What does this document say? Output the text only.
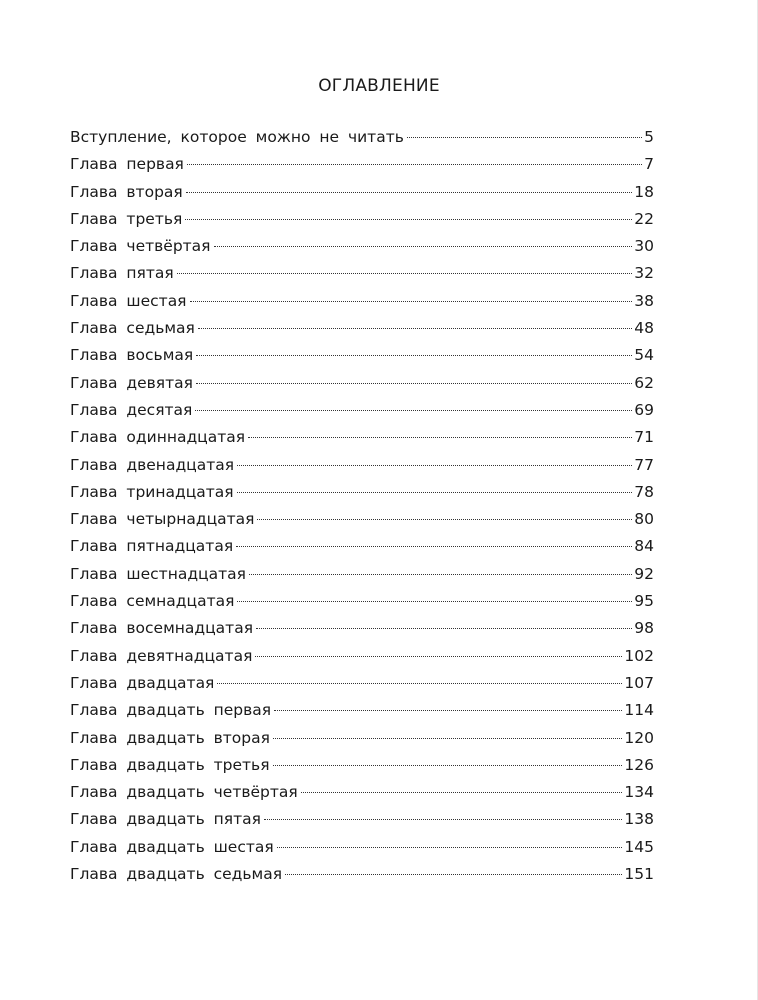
ОГЛАВЛЕНИЕ
Вступление, которое можно не читать	5
Глава первая	7
Глава вторая	18
Глава третья	22
Глава четвёртая	30
Глава пятая	32
Глава шестая	38
Глава седьмая	48
Глава восьмая	54
Глава девятая	62
Глава десятая	69
Глава одиннадцатая	71
Глава двенадцатая	77
Глава тринадцатая	78
Глава четырнадцатая	80
Глава пятнадцатая	84
Глава шестнадцатая	92
Глава семнадцатая	95
Глава восемнадцатая	98
Глава девятнадцатая	102
Глава двадцатая	107
Глава двадцать первая	114
Глава двадцать вторая	120
Глава двадцать третья	126
Глава двадцать четвёртая	134
Глава двадцать пятая	138
Глава двадцать шестая	145
Глава двадцать седьмая	151
